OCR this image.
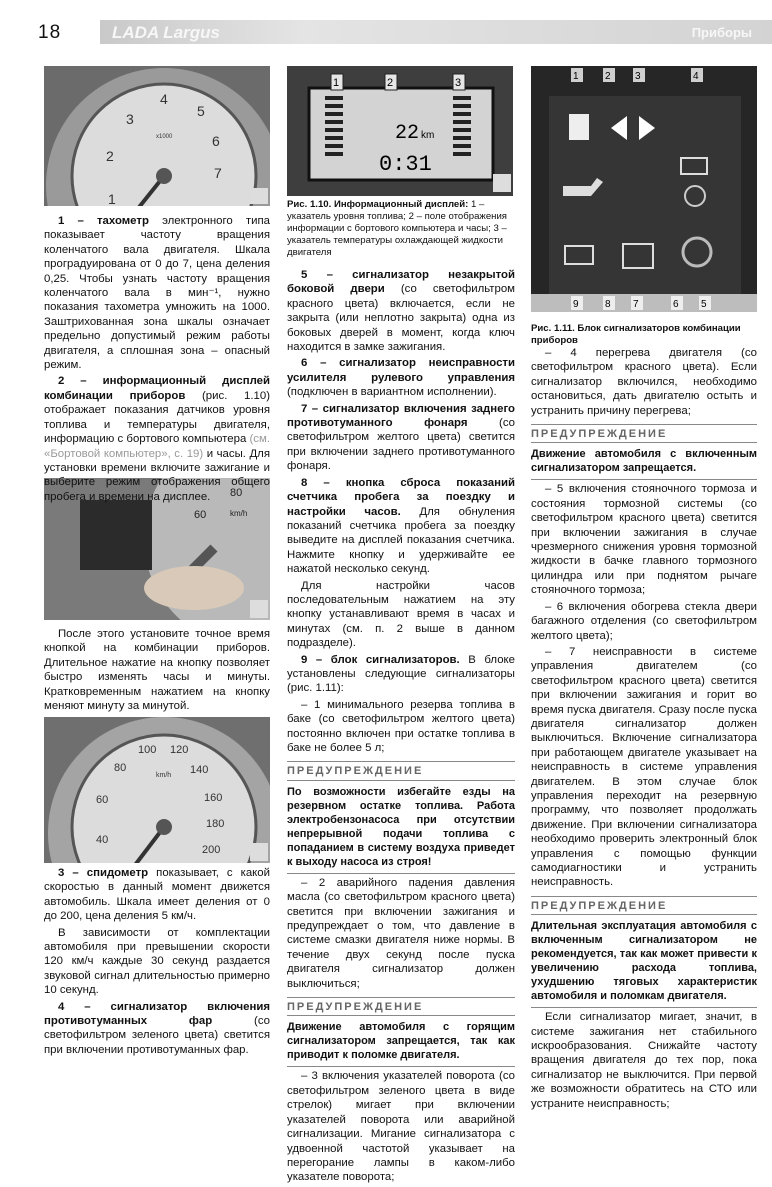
18	LADA Largus	Приборы
1
2
3
4
5
6
7
x1000
1	2	3
22 km
0:31
Рис. 1.10. Информационный дисплей: 1 – указатель уровня топлива; 2 – поле отображения информации с бортового компьютера и часы; 3 – указатель температуры охлаждающей жидкости двигателя
1	2 3	4
9	8 7	6 5
Рис. 1.11. Блок сигнализаторов комбинации приборов
80
60	km/h
100 120
140
80
60
40
160
180
200
km/h

1 – тахометр электронного типа показывает частоту вращения коленчатого вала двигателя. Шкала проградуирована от 0 до 7, цена деления 0,25. Чтобы узнать частоту вращения коленчатого вала в мин⁻¹, нужно показания тахометра умножить на 1000. Заштрихованная зона шкалы означает предельно допустимый режим работы двигателя, а сплошная зона – опасный режим.

2 – информационный дисплей комбинации приборов (рис. 1.10) отображает показания датчиков уровня топлива и температуры двигателя, информацию с бортового компьютера (см. «Бортовой компьютер», с. 19) и часы. Для установки времени включите зажигание и выберите режим отображения общего пробега и времени на дисплее.

После этого установите точное время кнопкой на комбинации приборов. Длительное нажатие на кнопку позволяет быстро изменять часы и минуты. Кратковременным нажатием на кнопку меняют минуту за минутой.

3 – спидометр показывает, с какой скоростью в данный момент движется автомобиль. Шкала имеет деления от 0 до 200, цена деления 5 км/ч.

В зависимости от комплектации автомобиля при превышении скорости 120 км/ч каждые 30 секунд раздается звуковой сигнал длительностью примерно 10 секунд.

4 – сигнализатор включения противотуманных фар (со светофильтром зеленого цвета) светится при включении противотуманных фар.

5 – сигнализатор незакрытой боковой двери (со светофильтром красного цвета) включается, если не закрыта (или неплотно закрыта) одна из боковых дверей в момент, когда ключ находится в замке зажигания.

6 – сигнализатор неисправности усилителя рулевого управления (подключен в вариантном исполнении).

7 – сигнализатор включения заднего противотуманного фонаря (со светофильтром желтого цвета) светится при включении заднего противотуманного фонаря.

8 – кнопка сброса показаний счетчика пробега за поездку и настройки часов. Для обнуления показаний счетчика пробега за поездку выведите на дисплей показания счетчика. Нажмите кнопку и удерживайте ее нажатой несколько секунд.

Для настройки часов последовательным нажатием на эту кнопку устанавливают время в часах и минутах (см. п. 2 выше в данном подразделе).

9 – блок сигнализаторов. В блоке установлены следующие сигнализаторы (рис. 1.11):

– 1 минимального резерва топлива в баке (со светофильтром желтого цвета) постоянно включен при остатке топлива в баке не более 5 л;

ПРЕДУПРЕЖДЕНИЕ

По возможности избегайте езды на резервном остатке топлива. Работа электробензонасоса при отсутствии непрерывной подачи топлива с попаданием в систему воздуха приведет к выходу насоса из строя!

– 2 аварийного падения давления масла (со светофильтром красного цвета) светится при включении зажигания и предупреждает о том, что давление в системе смазки двигателя ниже нормы. В течение двух секунд после пуска двигателя сигнализатор должен выключиться;

ПРЕДУПРЕЖДЕНИЕ

Движение автомобиля с горящим сигнализатором запрещается, так как приводит к поломке двигателя.

– 3 включения указателей поворота (со светофильтром зеленого цвета в виде стрелок) мигает при включении указателей поворота или аварийной сигнализации. Мигание сигнализатора с удвоенной частотой указывает на перегорание лампы в каком-либо указателе поворота;

– 4 перегрева двигателя (со светофильтром красного цвета). Если сигнализатор включился, необходимо остановиться, дать двигателю остыть и устранить причину перегрева;

ПРЕДУПРЕЖДЕНИЕ

Движение автомобиля с включенным сигнализатором запрещается.

– 5 включения стояночного тормоза и состояния тормозной системы (со светофильтром красного цвета) светится при включении зажигания в случае чрезмерного снижения уровня тормозной жидкости в бачке главного тормозного цилиндра или при поднятом рычаге стояночного тормоза;

– 6 включения обогрева стекла двери багажного отделения (со светофильтром желтого цвета);

– 7 неисправности в системе управления двигателем (со светофильтром красного цвета) светится при включении зажигания и горит во время пуска двигателя. Сразу после пуска двигателя сигнализатор должен выключиться. Включение сигнализатора при работающем двигателе указывает на неисправность в системе управления двигателем. В этом случае блок управления переходит на резервную программу, что позволяет продолжать движение. При включении сигнализатора необходимо проверить электронный блок управления с помощью функции самодиагностики и устранить неисправность.

ПРЕДУПРЕЖДЕНИЕ

Длительная эксплуатация автомобиля с включенным сигнализатором не рекомендуется, так как может привести к увеличению расхода топлива, ухудшению тяговых характеристик автомобиля и поломкам двигателя.

Если сигнализатор мигает, значит, в системе зажигания нет стабильного искрообразования. Снижайте частоту вращения двигателя до тех пор, пока сигнализатор не выключится. При первой же возможности обратитесь на СТО или устраните неисправность;
